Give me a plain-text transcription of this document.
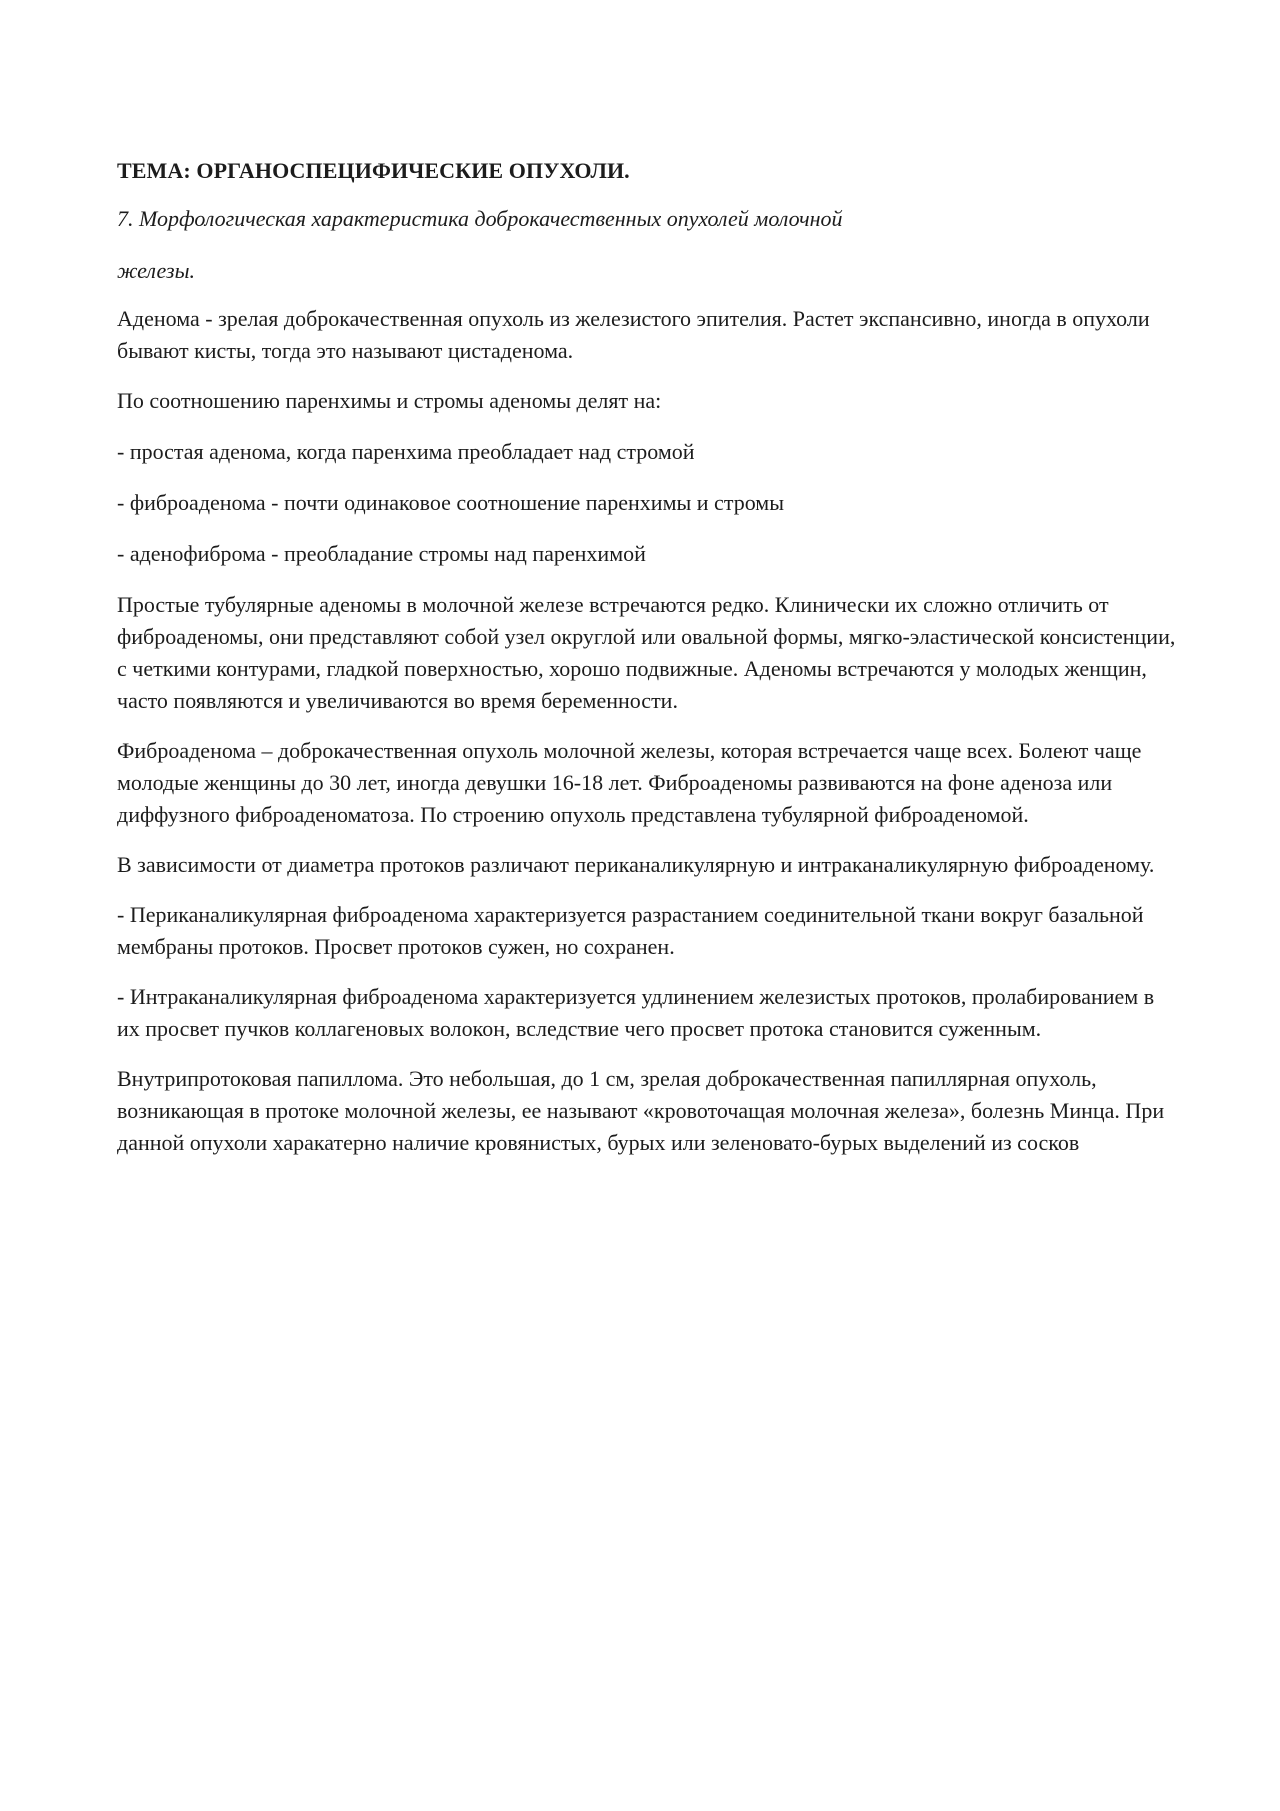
ТЕМА: ОРГАНОСПЕЦИФИЧЕСКИЕ ОПУХОЛИ.
7. Морфологическая характеристика доброкачественных опухолей молочной
железы.

Аденома - зрелая доброкачественная опухоль из железистого эпителия. Растет экспансивно, иногда в опухоли бывают кисты, тогда это называют цистаденома.

По соотношению паренхимы и стромы аденомы делят на:

- простая аденома, когда паренхима преобладает над стромой

- фиброаденома - почти одинаковое соотношение паренхимы и стромы

- аденофиброма - преобладание стромы над паренхимой

Простые тубулярные аденомы в молочной железе встречаются редко. Клинически их сложно отличить от фиброаденомы, они представляют собой узел округлой или овальной формы, мягко-эластической консистенции, с четкими контурами, гладкой поверхностью, хорошо подвижные. Аденомы встречаются у молодых женщин, часто появляются и увеличиваются во время беременности.

Фиброаденома – доброкачественная опухоль молочной железы, которая встречается чаще всех. Болеют чаще молодые женщины до 30 лет, иногда девушки 16-18 лет. Фиброаденомы развиваются на фоне аденоза или диффузного фиброаденоматоза. По строению опухоль представлена тубулярной фиброаденомой.

В зависимости от диаметра протоков различают периканаликулярную и интраканаликулярную фиброаденому.

- Периканаликулярная фиброаденома характеризуется разрастанием соединительной ткани вокруг базальной мембраны протоков. Просвет протоков сужен, но сохранен.

- Интраканаликулярная фиброаденома характеризуется удлинением железистых протоков, пролабированием в их просвет пучков коллагеновых волокон, вследствие чего просвет протока становится суженным.

Внутрипротоковая папиллома. Это небольшая, до 1 см, зрелая доброкачественная папиллярная опухоль, возникающая в протоке молочной железы, ее называют «кровоточащая молочная железа», болезнь Минца. При данной опухоли харакатерно наличие кровянистых, бурых или зеленовато-бурых выделений из сосков
